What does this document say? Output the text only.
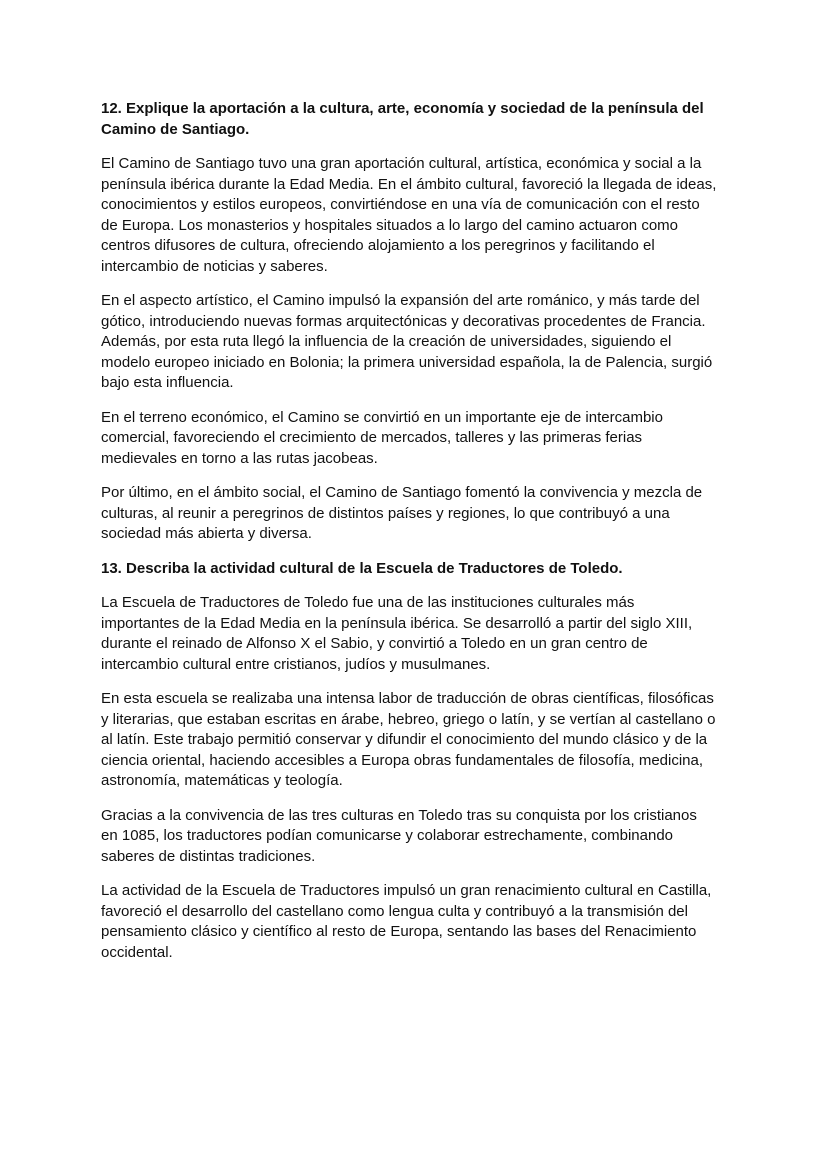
12. Explique la aportación a la cultura, arte, economía y sociedad de la península del
Camino de Santiago.

El Camino de Santiago tuvo una gran aportación cultural, artística, económica y social a la
península ibérica durante la Edad Media. En el ámbito cultural, favoreció la llegada de ideas,
conocimientos y estilos europeos, convirtiéndose en una vía de comunicación con el resto
de Europa. Los monasterios y hospitales situados a lo largo del camino actuaron como
centros difusores de cultura, ofreciendo alojamiento a los peregrinos y facilitando el
intercambio de noticias y saberes.

En el aspecto artístico, el Camino impulsó la expansión del arte románico, y más tarde del
gótico, introduciendo nuevas formas arquitectónicas y decorativas procedentes de Francia.
Además, por esta ruta llegó la influencia de la creación de universidades, siguiendo el
modelo europeo iniciado en Bolonia; la primera universidad española, la de Palencia, surgió
bajo esta influencia.

En el terreno económico, el Camino se convirtió en un importante eje de intercambio
comercial, favoreciendo el crecimiento de mercados, talleres y las primeras ferias
medievales en torno a las rutas jacobeas.

Por último, en el ámbito social, el Camino de Santiago fomentó la convivencia y mezcla de
culturas, al reunir a peregrinos de distintos países y regiones, lo que contribuyó a una
sociedad más abierta y diversa.

13. Describa la actividad cultural de la Escuela de Traductores de Toledo.

La Escuela de Traductores de Toledo fue una de las instituciones culturales más
importantes de la Edad Media en la península ibérica. Se desarrolló a partir del siglo XIII,
durante el reinado de Alfonso X el Sabio, y convirtió a Toledo en un gran centro de
intercambio cultural entre cristianos, judíos y musulmanes.

En esta escuela se realizaba una intensa labor de traducción de obras científicas, filosóficas
y literarias, que estaban escritas en árabe, hebreo, griego o latín, y se vertían al castellano o
al latín. Este trabajo permitió conservar y difundir el conocimiento del mundo clásico y de la
ciencia oriental, haciendo accesibles a Europa obras fundamentales de filosofía, medicina,
astronomía, matemáticas y teología.

Gracias a la convivencia de las tres culturas en Toledo tras su conquista por los cristianos
en 1085, los traductores podían comunicarse y colaborar estrechamente, combinando
saberes de distintas tradiciones.

La actividad de la Escuela de Traductores impulsó un gran renacimiento cultural en Castilla,
favoreció el desarrollo del castellano como lengua culta y contribuyó a la transmisión del
pensamiento clásico y científico al resto de Europa, sentando las bases del Renacimiento
occidental.
